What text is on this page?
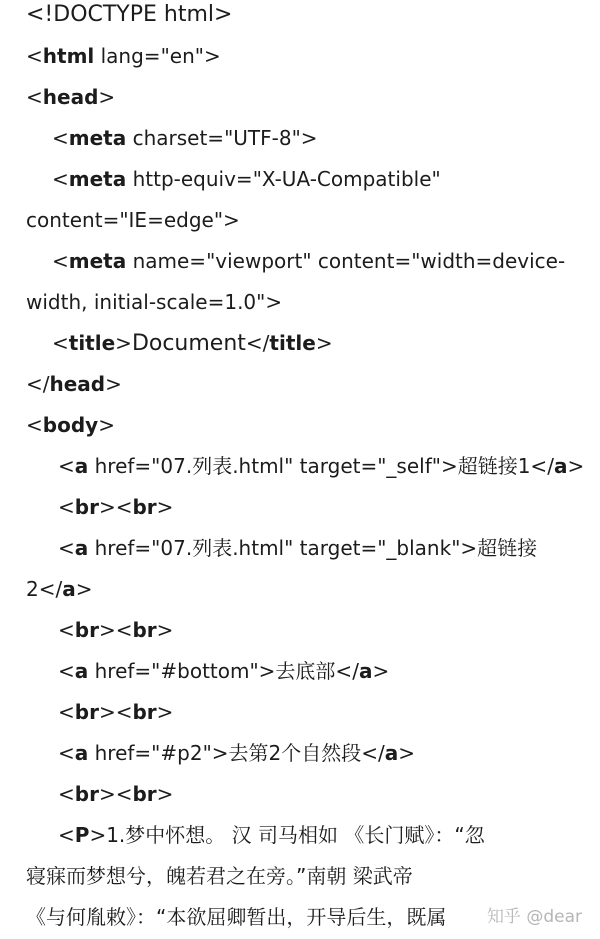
<!DOCTYPE html>
<html lang="en">
<head>
<meta charset="UTF-8">
<meta http-equiv="X-UA-Compatible"
content="IE=edge">
<meta name="viewport" content="width=device-
width, initial-scale=1.0">
<title>Document</title>
</head>
<body>
<a href="07.列表.html" target="_self">超链接1</a>
<br><br>
<a href="07.列表.html" target="_blank">超链接
2</a>
<br><br>
<a href="#bottom">去底部</a>
<br><br>
<a href="#p2">去第2个自然段</a>
<br><br>
<P>1.梦中怀想。 汉 司马相如 《长门赋》：“忽
寝寐而梦想兮，魄若君之在旁。”南朝 梁武帝
《与何胤敕》：“本欲屈卿暂出，开导后生，既属 知乎 @dear
